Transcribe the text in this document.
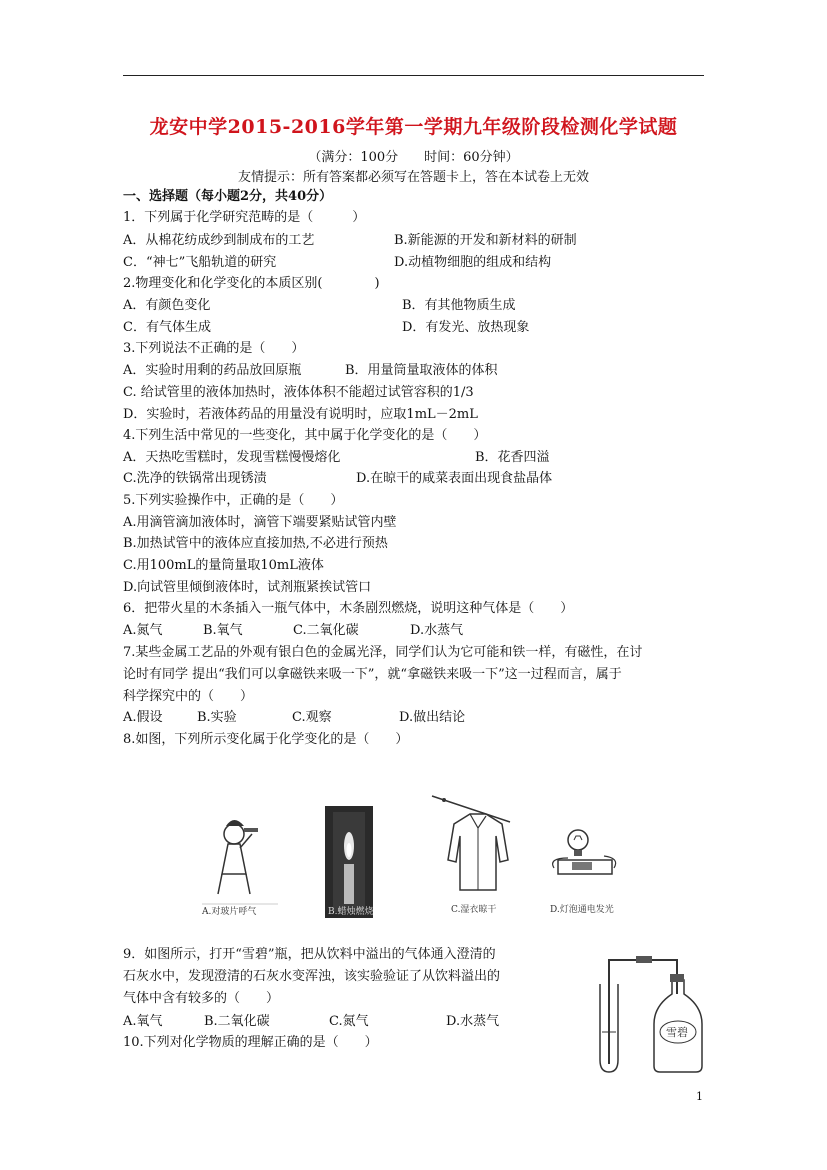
龙安中学2015-2016学年第一学期九年级阶段检测化学试题
（满分：100分　　时间：60分钟）
友情提示：所有答案都必须写在答题卡上，答在本试卷上无效
一、选择题（每小题2分，共40分）
1．下列属于化学研究范畴的是（　　　）
A．从棉花纺成纱到制成布的工艺	B.新能源的开发和新材料的研制
C．“神七”飞船轨道的研究	D.动植物细胞的组成和结构
2.物理变化和化学变化的本质区别(　　　　)
A．有颜色变化	B．有其他物质生成
C．有气体生成	D．有发光、放热现象
3.下列说法不正确的是（　　）
A．实验时用剩的药品放回原瓶	B．用量筒量取液体的体积
C. 给试管里的液体加热时，液体体积不能超过试管容积的1/3
D．实验时，若液体药品的用量没有说明时，应取1mL－2mL
4.下列生活中常见的一些变化，其中属于化学变化的是（　　）
A．天热吃雪糕时，发现雪糕慢慢熔化	B．花香四溢
C.洗净的铁锅常出现锈渍	D.在晾干的咸菜表面出现食盐晶体
5.下列实验操作中，正确的是（　　）
A.用滴管滴加液体时，滴管下端要紧贴试管内壁
B.加热试管中的液体应直接加热,不必进行预热
C.用100mL的量筒量取10mL液体
D.向试管里倾倒液体时，试剂瓶紧挨试管口
6．把带火星的木条插入一瓶气体中，木条剧烈燃烧，说明这种气体是（　　）
A.氮气	B.氧气	C.二氧化碳	D.水蒸气
7.某些金属工艺品的外观有银白色的金属光泽，同学们认为它可能和铁一样，有磁性，在讨
论时有同学 提出“我们可以拿磁铁来吸一下”，就“拿磁铁来吸一下”这一过程而言，属于
科学探究中的（　　）
A.假设	B.实验	C.观察	D.做出结论
8.如图，下列所示变化属于化学变化的是（　　）
A.对玻片呼气	B.蜡烛燃烧	C.湿衣晾干	D.灯泡通电发光
9．如图所示，打开“雪碧”瓶，把从饮料中溢出的气体通入澄清的
石灰水中，发现澄清的石灰水变浑浊，该实验验证了从饮料溢出的
气体中含有较多的（　　）
A.氧气	B.二氧化碳	C.氮气	D.水蒸气
雪碧
10.下列对化学物质的理解正确的是（　　）
1
